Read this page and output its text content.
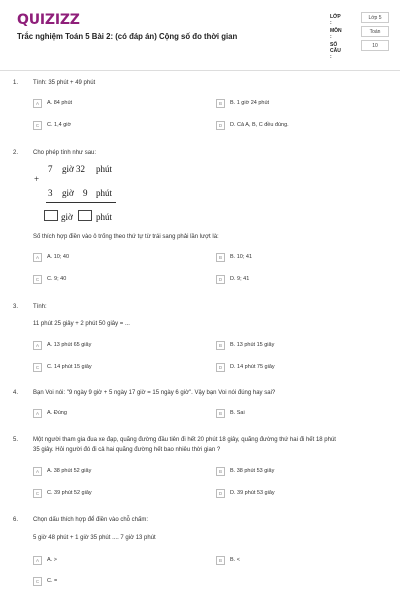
QUIZIZZ
Trắc nghiệm Toán 5 Bài 2: (có đáp án) Cộng số đo thời gian
LỚP :
Lớp 5
MÔN :
Toán
SỐ CÂU :
10
1. Tính: 35 phút + 49 phút
A	A. 84 phút	B	B. 1 giờ 24 phút
C	C. 1,4 giờ	D	D. Cả A, B, C đều đúng.
2. Cho phép tính như sau:
+
7 giờ 32 phút
3 giờ 9 phút
giờ	phút
Số thích hợp điền vào ô trống theo thứ tự từ trái sang phải lần lượt là:
A	A. 10; 40	B	B. 10; 41
C	C. 9; 40	D	D. 9; 41
3. Tính:
11 phút 25 giây + 2 phút 50 giây = ...
A	A. 13 phút 65 giây	B	B. 13 phút 15 giây
C	C. 14 phút 15 giây	D	D. 14 phút 75 giây
4. Bạn Voi nói: "9 ngày 9 giờ + 5 ngày 17 giờ = 15 ngày 6 giờ". Vậy bạn Voi nói đúng hay sai?
A	A. Đúng	B	B. Sai
5. Một người tham gia đua xe đạp, quãng đường đầu tiên đi hết 20 phút 18 giây, quãng đường thứ hai đi hết 18 phút
35 giây. Hỏi người đó đi cả hai quãng đường hết bao nhiêu thời gian ?
A	A. 38 phút 52 giây	B	B. 38 phút 53 giây
C	C. 39 phút 52 giây	D	D. 39 phút 53 giây
6. Chọn dấu thích hợp để điền vào chỗ chấm:
5 giờ 48 phút + 1 giờ 35 phút .... 7 giờ 13 phút
A	A. >	B	B. <
C	C. =
